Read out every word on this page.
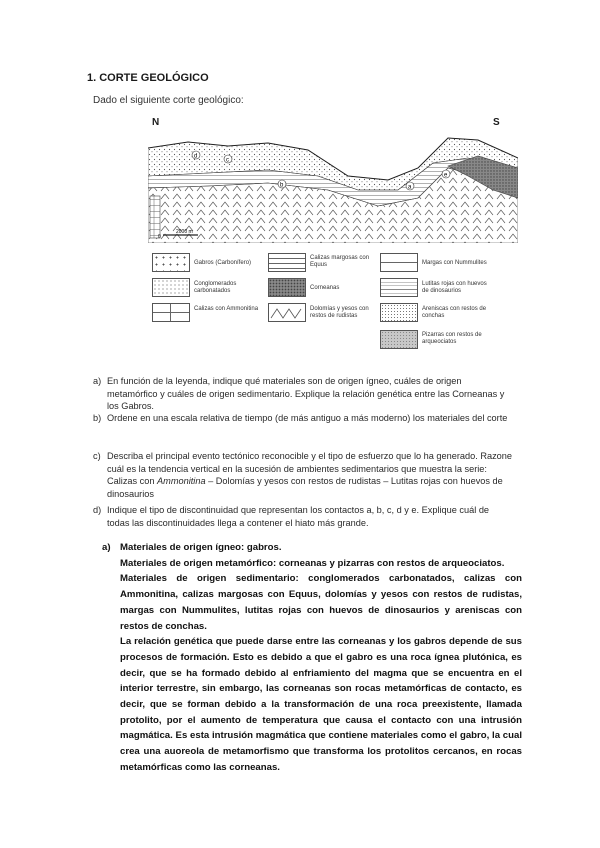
1. CORTE GEOLÓGICO
Dado el siguiente corte geológico:
N	S
d
c
b	a
e
0
2000 m
Gabros (Carbonífero)
Calizas margosas con Equus	Margas con Nummulites
Conglomerados carbonatados	Corneanas
Lutitas rojas con huevos de dinosaurios
Calizas con Ammonitina	Dolomías y yesos con restos de rudistas
Areniscas con restos de conchas
Pizarras con restos de arqueociatos
a) En función de la leyenda, indique qué materiales son de origen ígneo, cuáles de origen metamórfico y cuáles de origen sedimentario. Explique la relación genética entre las Corneanas y los Gabros.
b) Ordene en una escala relativa de tiempo (de más antiguo a más moderno) los materiales del corte
c) Describa el principal evento tectónico reconocible y el tipo de esfuerzo que lo ha generado. Razone cuál es la tendencia vertical en la sucesión de ambientes sedimentarios que muestra la serie: Calizas con Ammonitina – Dolomías y yesos con restos de rudistas – Lutitas rojas con huevos de dinosaurios
d) Indique el tipo de discontinuidad que representan los contactos a, b, c, d y e. Explique cuál de todas las discontinuidades llega a contener el hiato más grande.
a) Materiales de origen ígneo: gabros.

Materiales de origen metamórfico: corneanas y pizarras con restos de arqueociatos.

Materiales de origen sedimentario: conglomerados carbonatados, calizas con Ammonitina, calizas margosas con Equus, dolomías y yesos con restos de rudistas, margas con Nummulites, lutitas rojas con huevos de dinosaurios y areniscas con restos de conchas.

La relación genética que puede darse entre las corneanas y los gabros depende de sus procesos de formación. Esto es debido a que el gabro es una roca ígnea plutónica, es decir, que se ha formado debido al enfriamiento del magma que se encuentra en el interior terrestre, sin embargo, las corneanas son rocas metamórficas de contacto, es decir, que se forman debido a la transformación de una roca preexistente, llamada protolito, por el aumento de temperatura que causa el contacto con una intrusión magmática. Es esta intrusión magmática que contiene materiales como el gabro, la cual crea una auoreola de metamorfismo que transforma los protolitos cercanos, en rocas metamórficas como las corneanas.
